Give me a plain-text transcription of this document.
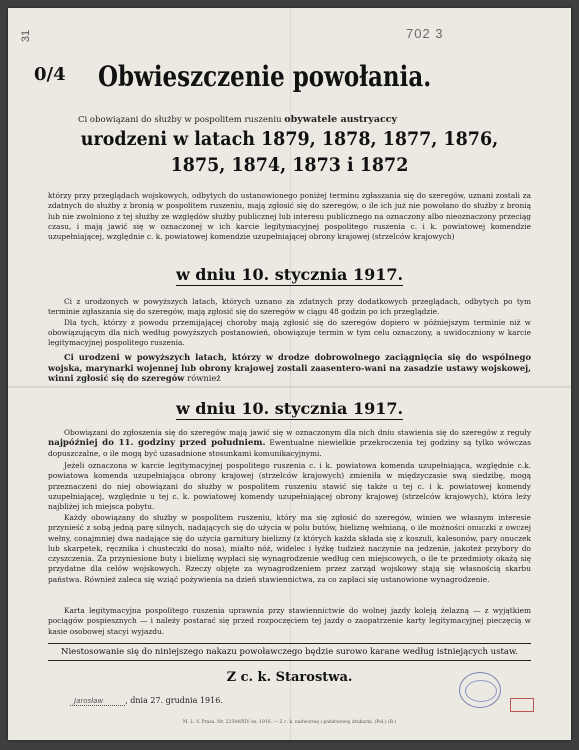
31	702 3
0/4 Obwieszczenie powołania.
Ci obowiązani do służby w pospolitem ruszeniu obywatele austryaccy
urodzeni w latach 1879, 1878, 1877, 1876,
1875, 1874, 1873 i 1872
którzy przy przeglądach wojskowych, odbytych do ustanowionego poniżej terminu zgłaszania się do szeregów, uznani zostali za zdatnych do służby z bronią w pospolitem ruszeniu, mają zgłosić się do szeregów, o ile ich już nie powołano do służby z bronią lub nie zwolniono z tej służby ze względów służby publicznej lub interesu publicznego na oznaczony albo nieoznaczony przeciąg czasu, i mają jawić się w oznaczonej w ich karcie legitymacyjnej pospolitego ruszenia c. i k. powiatowej komendzie uzupełniającej, względnie c. k. powiatowej komendzie uzupełniającej obrony krajowej (strzelców krajowych)
w dniu 10. stycznia 1917.

Ci z urodzonych w powyższych latach, których uznano za zdatnych przy dodatkowych przeglądach, odbytych po tym terminie zgłaszania się do szeregów, mają zgłosić się do szeregów w ciągu 48 godzin po ich przeglądzie.

Dla tych, którzy z powodu przemijającej choroby mają zgłosić się do szeregów dopiero w późniejszym terminie niż w obowiązującym dla nich według powyższych postanowień, obowiązuje termin w tym celu oznaczony, a uwidoczniony w karcie legitymacyjnej pospolitego ruszenia.

Ci urodzeni w powyższych latach, którzy w drodze dobrowolnego zaciągnięcia się do wspólnego wojska, marynarki wojennej lub obrony krajowej zostali zaasentero-wani na zasadzie ustawy wojskowej, winni zgłosić się do szeregów również

w dniu 10. stycznia 1917.

Obowiązani do zgłoszenia się do szeregów mają jawić się w oznaczonym dla nich dniu stawienia się do szeregów z reguły najpóźniej do 11. godziny przed południem. Ewentualne niewielkie przekroczenia tej godziny są tylko wówczas dopuszczalne, o ile mogą być uzasadnione stosunkami komunikacyjnymi.

Jeżeli oznaczona w karcie legitymacyjnej pospolitego ruszenia c. i k. powiatowa komenda uzupełniająca, względnie c.k. powiatowa komenda uzupełniająca obrony krajowej (strzelców krajowych) zmieniła w międzyczasie swą siedzibę, mogą przeznaczeni do niej obowiązani do służby w pospolitem ruszeniu stawić się także u tej c. i k. powiatowej komendy uzupełniającej, względnie u tej c. k. powiatowej komendy uzupełniającej obrony krajowej (strzelców krajowych), która leży najbliżej ich miejsca pobytu.

Każdy obowiązany do służby w pospolitem ruszeniu, który ma się zgłosić do szeregów, winien we własnym interesie przynieść z sobą jedną parę silnych, nadających się do użycia w polu butów, bieliznę wełnianą, o ile możności onuczki z owczej wełny, conajmniej dwa nadające się do użycia garnitury bielizny (z których każda składa się z koszuli, kalesonów, pary onuczek lub skarpetek, ręcznika i chusteczki do nosa), miałto nóż, widelec i łyżkę tudzież naczynie na jedzenie, jakoteż przybory do czyszczenia. Za przyniesione buty i bieliznę wypłaci się wynagrodzenie według cen miejscowych, o ile te przedmioty okażą się przydatne dla celów wojskowych. Rzeczy objęte za wynagrodzeniem przez zarząd wojskowy stają się własnością skarbu państwa. Również zaleca się wziąć pożywienia na dzień stawiennictwa, za co zapłaci się ustanowione wynagrodzenie.

Karta legitymacyjna pospolitego ruszenia uprawnia przy stawiennictwie do wolnej jazdy koleją żelazną — z wyjątkiem pociągów pospiesznych — i należy postarać się przed rozpoczęciem tej jazdy o zaopatrzenie karty legitymacyjnej pieczęcią w kasie osobowej stacyi wyjazdu.

Niestosowanie się do niniejszego nakazu powoławczego będzie surowo karane według istniejących ustaw.
Z c. k. Starostwa.
Jarosław	, dnia 27. grudnia 1916.
M. L. V. Prasa. Nr. 22544/XIV ex. 1916. — Z c. k. nadwornej i państwowej drukarni. (Pol.) (B.)
